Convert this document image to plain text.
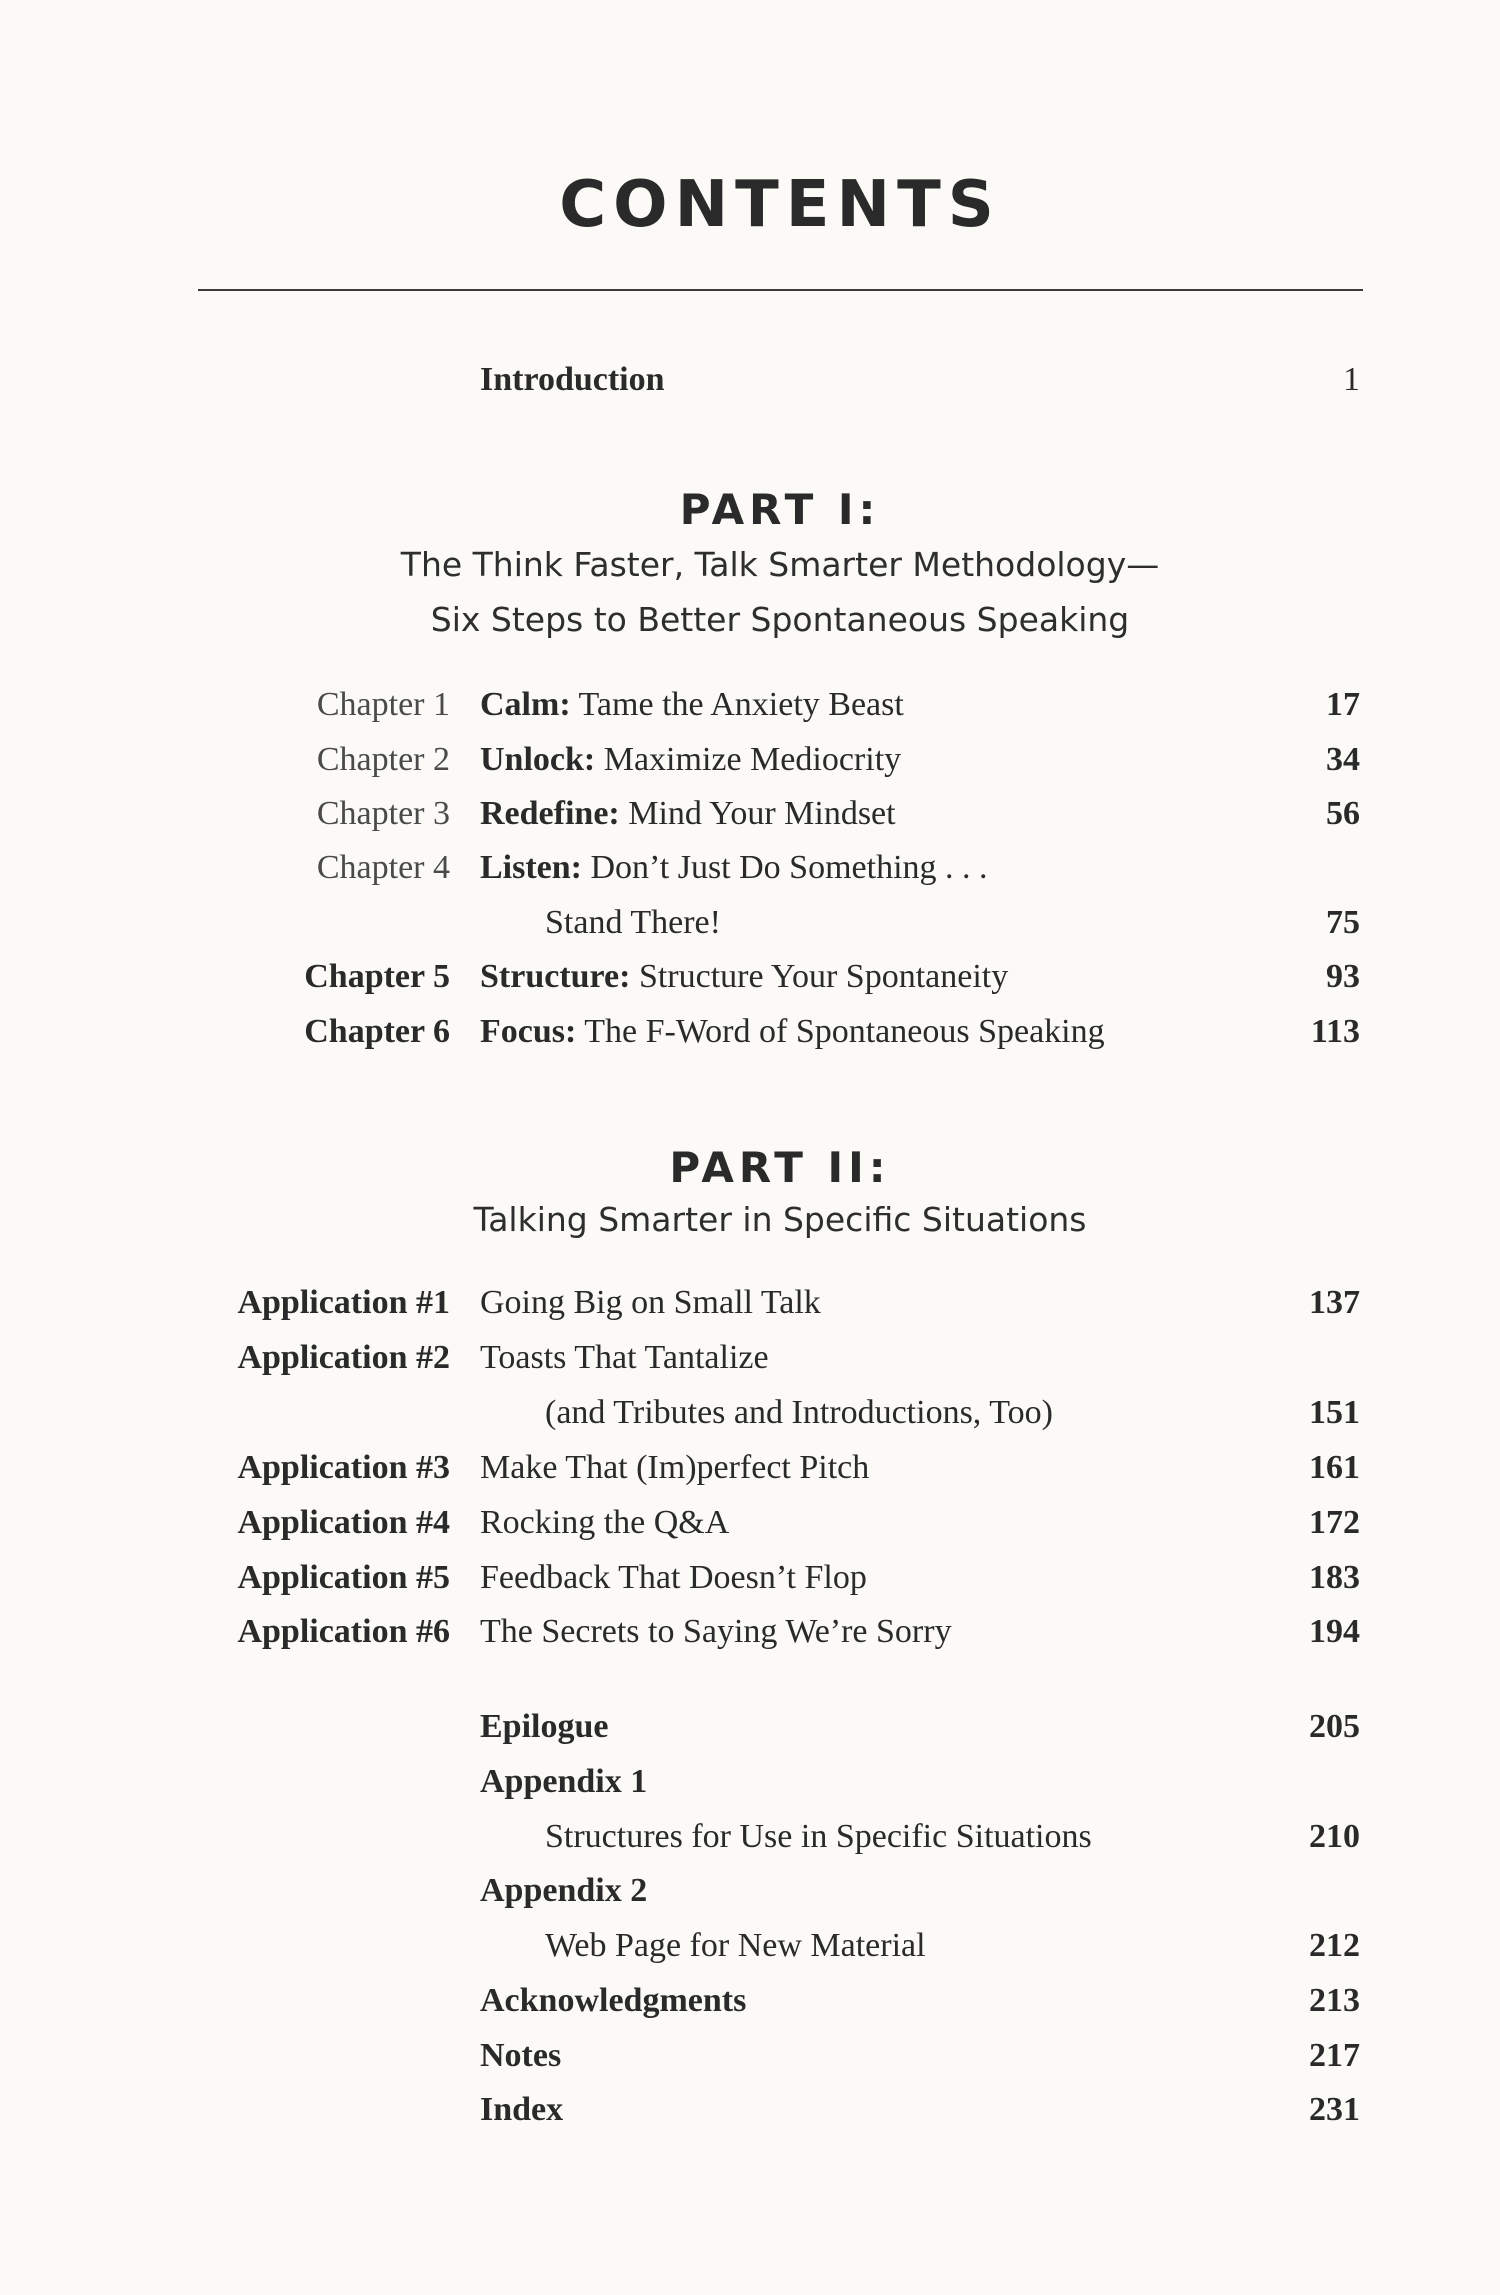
CONTENTS
Introduction	1
PART I:
The Think Faster, Talk Smarter Methodology—
Six Steps to Better Spontaneous Speaking
Chapter 1 Calm: Tame the Anxiety Beast	17
Chapter 2 Unlock: Maximize Mediocrity	34
Chapter 3 Redefine: Mind Your Mindset	56
Chapter 4 Listen: Don’t Just Do Something . . .
Stand There!	75
Chapter 5 Structure: Structure Your Spontaneity	93
Chapter 6 Focus: The F-Word of Spontaneous Speaking	113
PART II:
Talking Smarter in Specific Situations
Application #1 Going Big on Small Talk	137
Application #2 Toasts That Tantalize
(and Tributes and Introductions, Too)	151
Application #3 Make That (Im)perfect Pitch	161
Application #4 Rocking the Q&A	172
Application #5 Feedback That Doesn’t Flop	183
Application #6 The Secrets to Saying We’re Sorry	194
Epilogue	205
Appendix 1
Structures for Use in Specific Situations	210
Appendix 2
Web Page for New Material	212
Acknowledgments	213
Notes	217
Index	231
